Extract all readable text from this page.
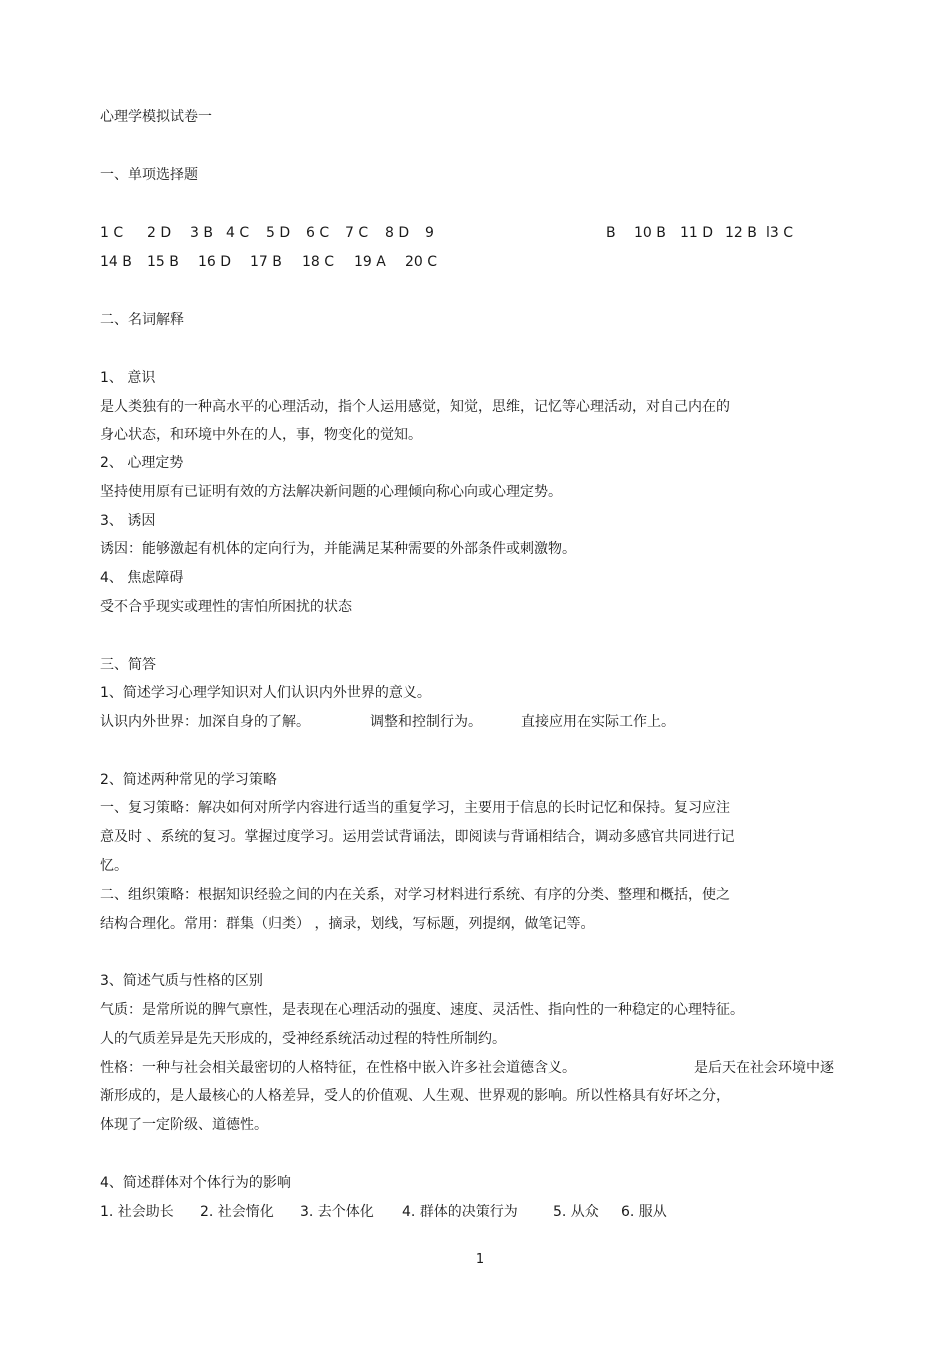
心理学模拟试卷一
一、单项选择题
1 C 2 D 3 B 4 C 5 D 6 C 7 C 8 D 9	B 10 B 11 D 12 B l3 C
14 B 15 B 16 D 17 B 18 C 19 A 20 C
二、名词解释
1、 意识
是人类独有的一种高水平的心理活动，指个人运用感觉，知觉，思维，记忆等心理活动，对自己内在的
身心状态，和环境中外在的人，事，物变化的觉知。
2、 心理定势
坚持使用原有已证明有效的方法解决新问题的心理倾向称心向或心理定势。
3、 诱因
诱因：能够激起有机体的定向行为，并能满足某种需要的外部条件或刺激物。
4、 焦虑障碍
受不合乎现实或理性的害怕所困扰的状态
三、简答
1、简述学习心理学知识对人们认识内外世界的意义。
认识内外世界：加深自身的了解。	调整和控制行为。	直接应用在实际工作上。
2、简述两种常见的学习策略
一、复习策略：解决如何对所学内容进行适当的重复学习，主要用于信息的长时记忆和保持。复习应注
意及时 、系统的复习。掌握过度学习。运用尝试背诵法，即阅读与背诵相结合，调动多感官共同进行记
忆。
二、组织策略：根据知识经验之间的内在关系，对学习材料进行系统、有序的分类、整理和概括，使之
结构合理化。常用：群集（归类） ，摘录，划线，写标题，列提纲，做笔记等。
3、简述气质与性格的区别
气质：是常所说的脾气禀性，是表现在心理活动的强度、速度、灵活性、指向性的一种稳定的心理特征。
人的气质差异是先天形成的，受神经系统活动过程的特性所制约。
性格：一种与社会相关最密切的人格特征，在性格中嵌入许多社会道德含义。	是后天在社会环境中逐
渐形成的，是人最核心的人格差异，受人的价值观、人生观、世界观的影响。所以性格具有好坏之分，
体现了一定阶级、道德性。
4、简述群体对个体行为的影响
1. 社会助长 2. 社会惰化 3. 去个体化 4. 群体的决策行为	5. 从众 6. 服从
1
